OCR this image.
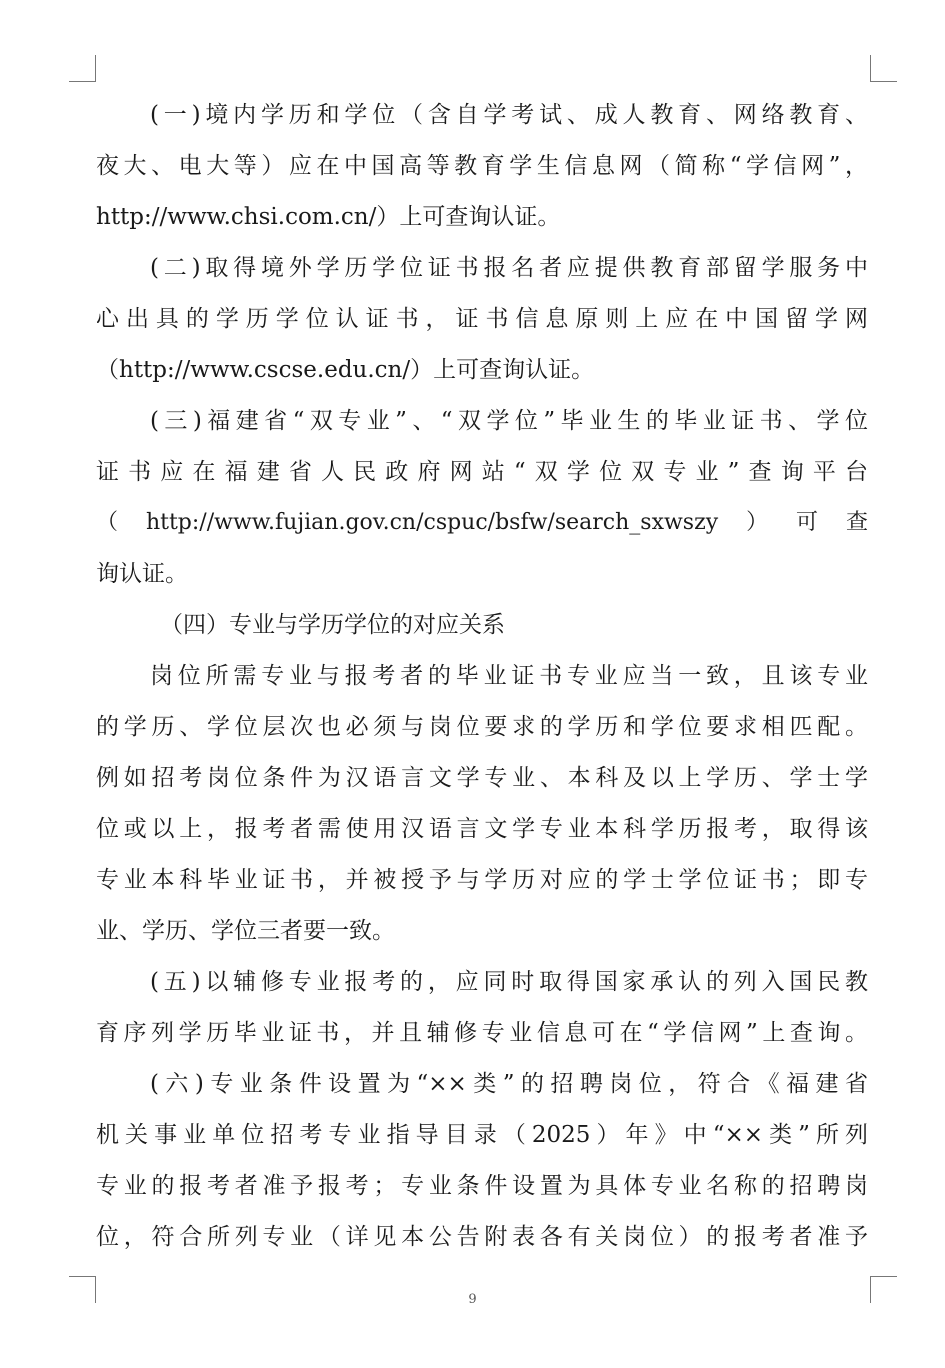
(一)境内学历和学位（含自学考试、成人教育、网络教育、
夜大、电大等）应在中国高等教育学生信息网（简称“学信网”，
http://www.chsi.com.cn/）上可查询认证。
(二)取得境外学历学位证书报名者应提供教育部留学服务中
心出具的学历学位认证书，证书信息原则上应在中国留学网
（http://www.cscse.edu.cn/）上可查询认证。
(三)福建省“双专业”、“双学位”毕业生的毕业证书、学位
证书应在福建省人民政府网站“双学位双专业”查询平台
（http://www.fujian.gov.cn/cspuc/bsfw/search_sxwszy）可查
询认证。
（四）专业与学历学位的对应关系
岗位所需专业与报考者的毕业证书专业应当一致，且该专业
的学历、学位层次也必须与岗位要求的学历和学位要求相匹配。
例如招考岗位条件为汉语言文学专业、本科及以上学历、学士学
位或以上，报考者需使用汉语言文学专业本科学历报考，取得该
专业本科毕业证书，并被授予与学历对应的学士学位证书；即专
业、学历、学位三者要一致。
(五)以辅修专业报考的，应同时取得国家承认的列入国民教
育序列学历毕业证书，并且辅修专业信息可在“学信网”上查询。
(六)专业条件设置为“××类”的招聘岗位，符合《福建省
机关事业单位招考专业指导目录（2025）年》中“××类”所列
专业的报考者准予报考；专业条件设置为具体专业名称的招聘岗
位，符合所列专业（详见本公告附表各有关岗位）的报考者准予
9
